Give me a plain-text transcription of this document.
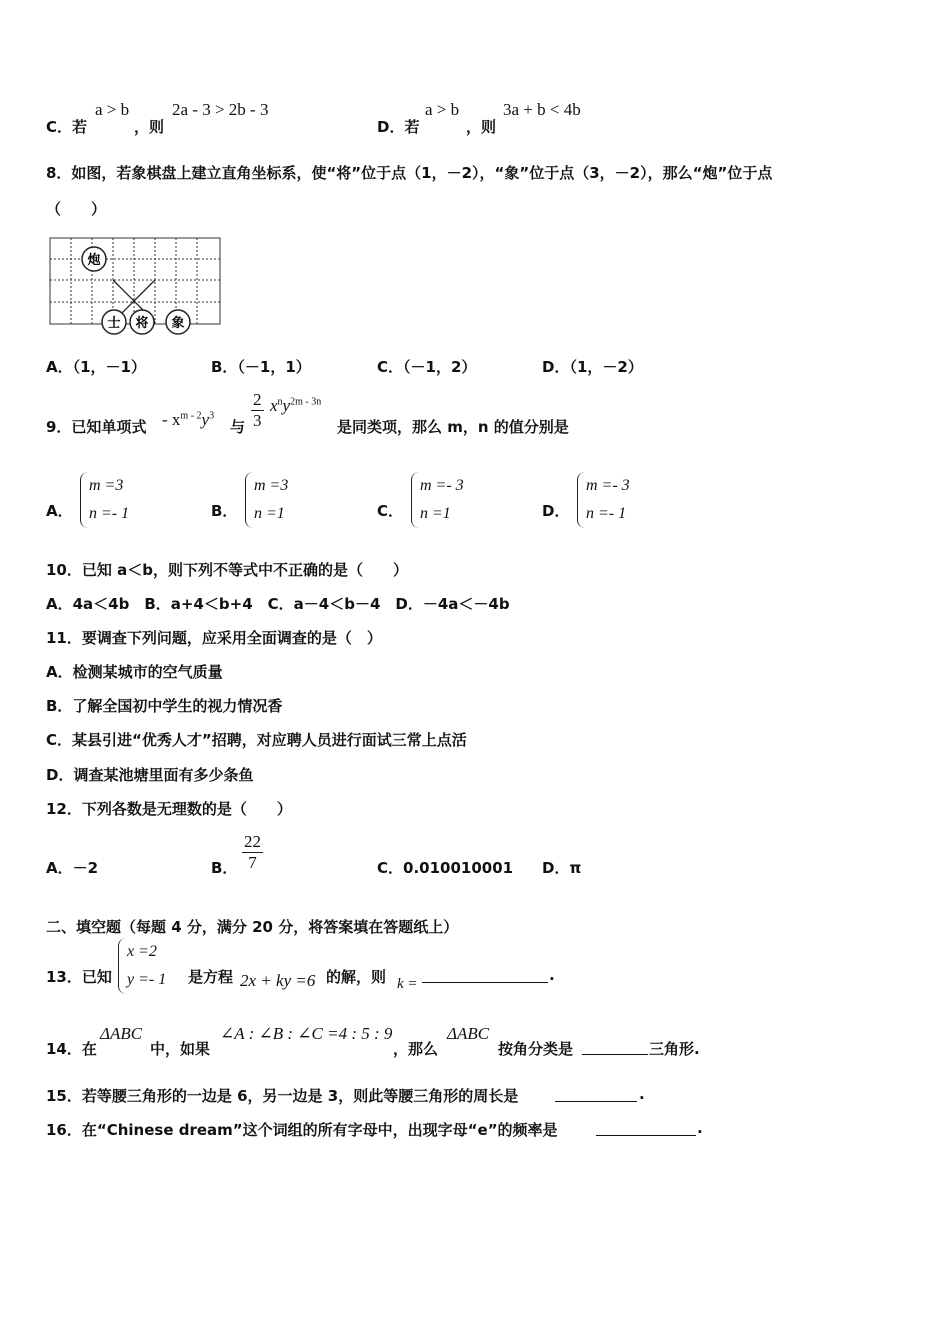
C．若
a > b
，则
2a - 3 > 2b - 3
D．若
a > b
，则
3a + b < 4b
8．如图，若象棋盘上建立直角坐标系，使“将”位于点（1，－2），“象”位于点（3，－2），那么“炮”位于点
（　　）
炮
士 将 象
A．（1，－1）	B．（－1，1）	C．（－1，2）	D．（1，－2）
9．已知单项式 - $x^{m - 2}y^3$
与 $\frac{2}{3} x^ny^{2m - 3n}$
是同类项，那么 m，n 的值分别是
A．
m =3
n =- 1	B．
m =3
n =1	C．
m =- 3
n =1	D．
m =- 3
n =- 1
10．已知 a＜b，则下列不等式中不正确的是（　　）
A．4a＜4b　B．a+4＜b+4　C．a－4＜b－4　D．－4a＜－4b
11．要调查下列问题，应采用全面调查的是（　）
A．检测某城市的空气质量
B．了解全国初中学生的视力情况香
C．某县引进“优秀人才”招聘，对应聘人员进行面试三常上点活
D．调查某池塘里面有多少条鱼
12．下列各数是无理数的是（　　）
A．－2	B． $\frac{22}{7}$	C．0.010010001 D．π
二、填空题（每题 4 分，满分 20 分，将答案填在答题纸上）
13．已知
x =2
y =- 1 是方程 2x + ky =6 的解，则 k =	.
14．在
ΔABC
中，如果
∠A : ∠B : ∠C =4 : 5 : 9
，那么
ΔABC
按角分类是	三角形.
15．若等腰三角形的一边是 6，另一边是 3，则此等腰三角形的周长是	.
16．在“Chinese dream”这个词组的所有字母中，出现字母“e”的频率是	.
